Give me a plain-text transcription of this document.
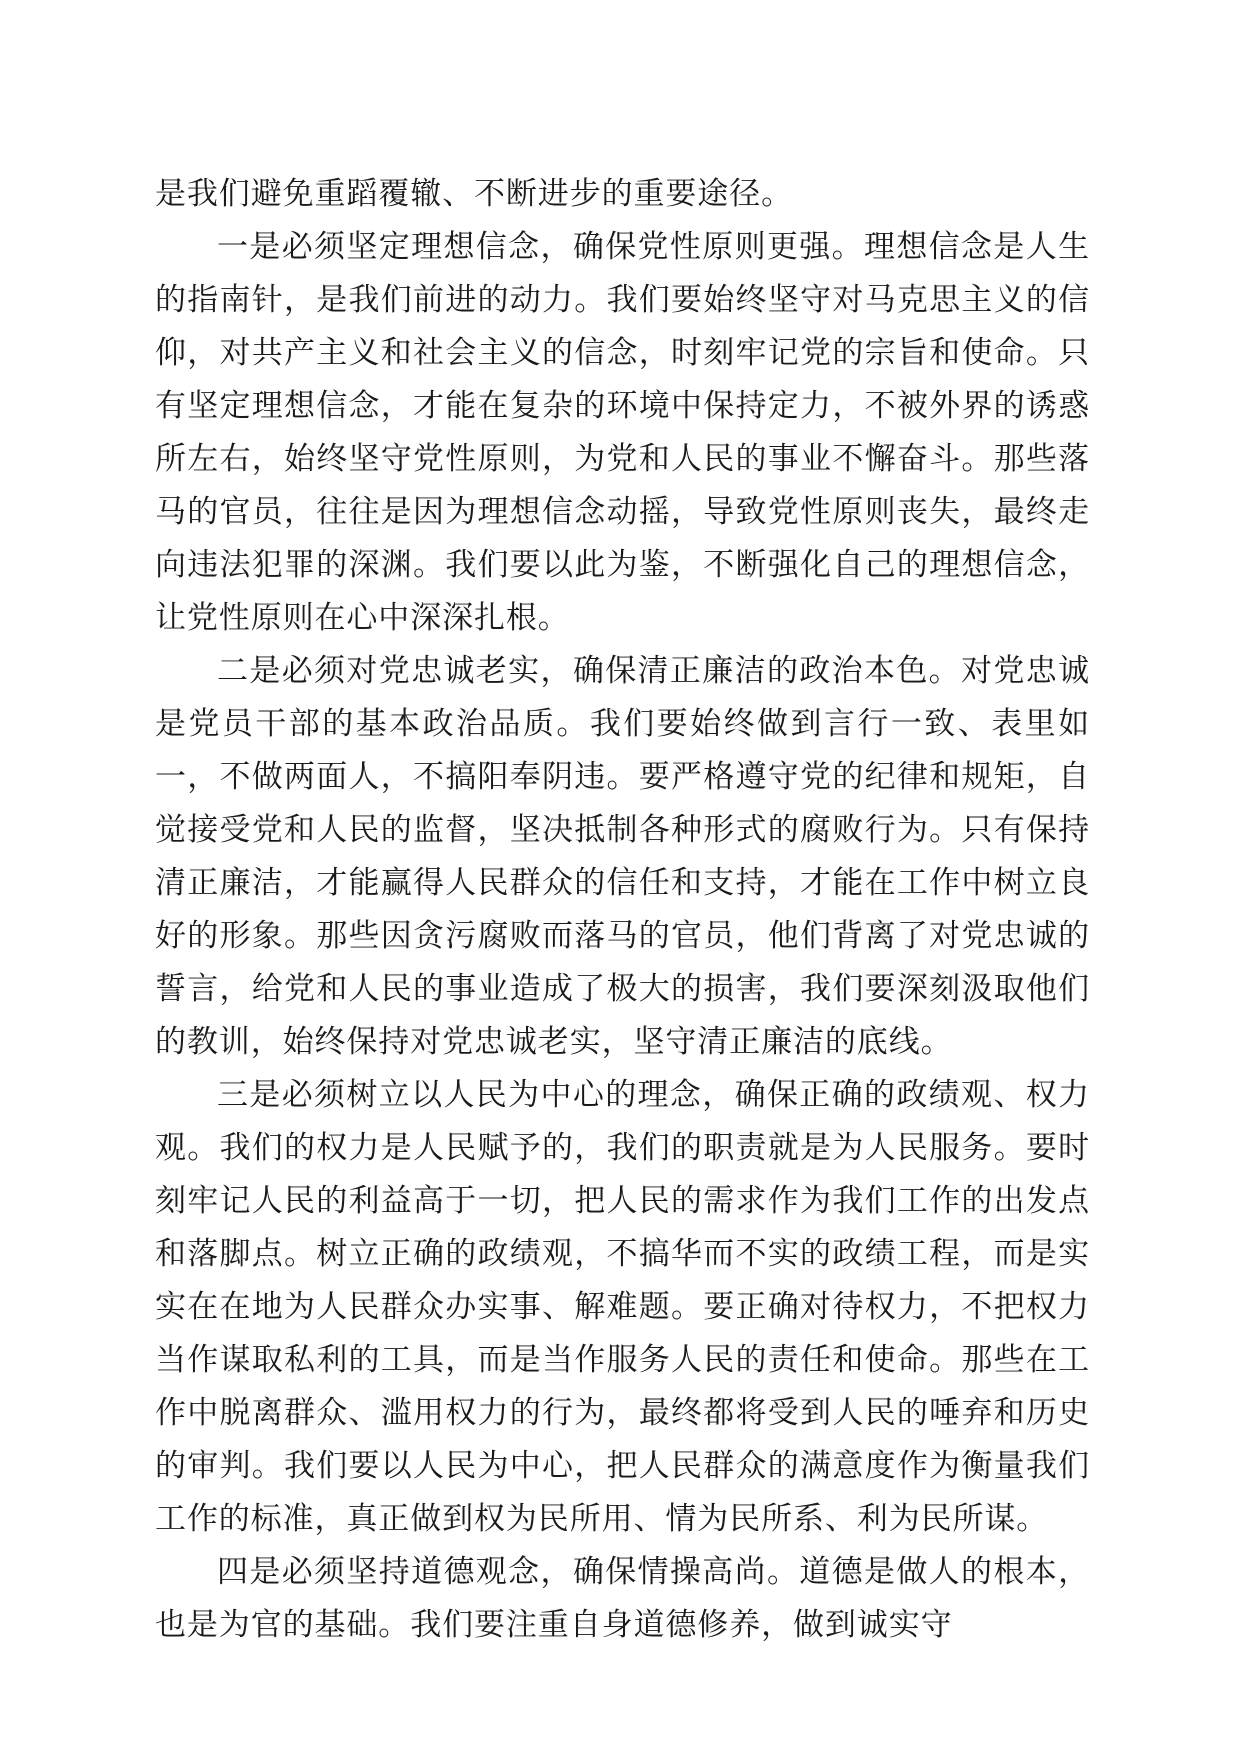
是我们避免重蹈覆辙、不断进步的重要途径。

一是必须坚定理想信念，确保党性原则更强。理想信念是人生的指南针，是我们前进的动力。我们要始终坚守对马克思主义的信仰，对共产主义和社会主义的信念，时刻牢记党的宗旨和使命。只有坚定理想信念，才能在复杂的环境中保持定力，不被外界的诱惑所左右，始终坚守党性原则，为党和人民的事业不懈奋斗。那些落马的官员，往往是因为理想信念动摇，导致党性原则丧失，最终走向违法犯罪的深渊。我们要以此为鉴，不断强化自己的理想信念，让党性原则在心中深深扎根。

二是必须对党忠诚老实，确保清正廉洁的政治本色。对党忠诚是党员干部的基本政治品质。我们要始终做到言行一致、表里如一，不做两面人，不搞阳奉阴违。要严格遵守党的纪律和规矩，自觉接受党和人民的监督，坚决抵制各种形式的腐败行为。只有保持清正廉洁，才能赢得人民群众的信任和支持，才能在工作中树立良好的形象。那些因贪污腐败而落马的官员，他们背离了对党忠诚的誓言，给党和人民的事业造成了极大的损害，我们要深刻汲取他们的教训，始终保持对党忠诚老实，坚守清正廉洁的底线。

三是必须树立以人民为中心的理念，确保正确的政绩观、权力观。我们的权力是人民赋予的，我们的职责就是为人民服务。要时刻牢记人民的利益高于一切，把人民的需求作为我们工作的出发点和落脚点。树立正确的政绩观，不搞华而不实的政绩工程，而是实实在在地为人民群众办实事、解难题。要正确对待权力，不把权力当作谋取私利的工具，而是当作服务人民的责任和使命。那些在工作中脱离群众、滥用权力的行为，最终都将受到人民的唾弃和历史的审判。我们要以人民为中心，把人民群众的满意度作为衡量我们工作的标准，真正做到权为民所用、情为民所系、利为民所谋。

四是必须坚持道德观念，确保情操高尚。道德是做人的根本，也是为官的基础。我们要注重自身道德修养，做到诚实守
